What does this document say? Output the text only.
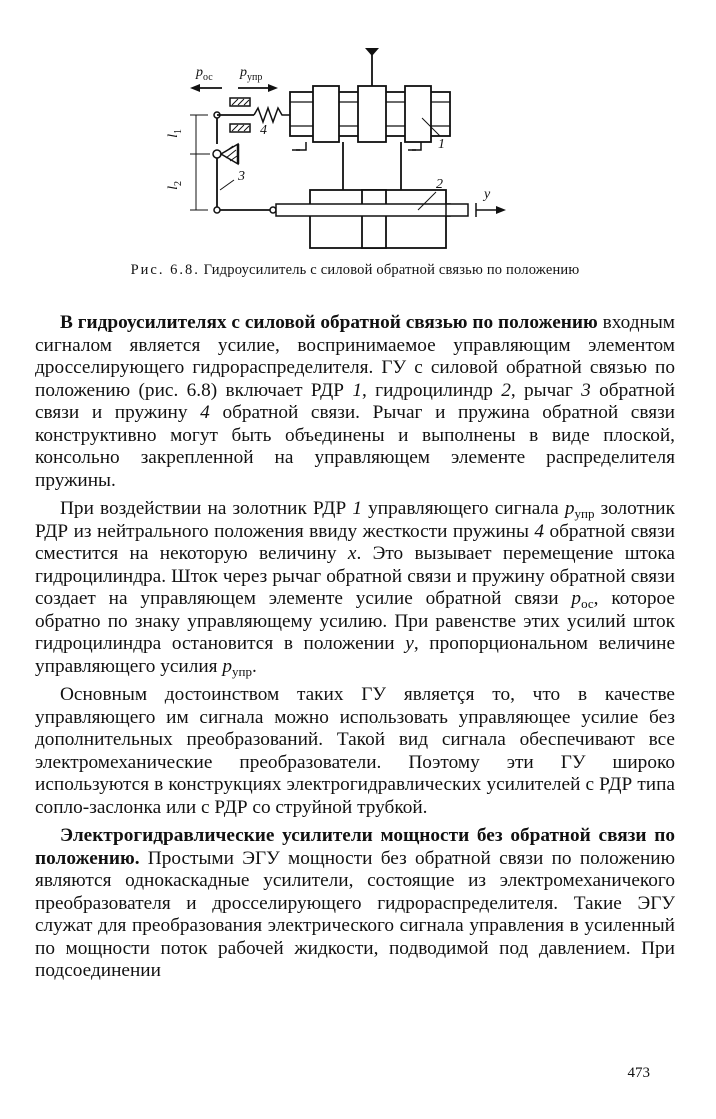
$p_{ос}$ $p_{упр}$
4
1
3
2
y
$l_1$
$l_2$
Рис. 6.8. Гидроусилитель с силовой обратной связью по положению

В гидроусилителях с силовой обратной связью по положению входным сигналом является усилие, воспринимаемое управляющим элементом дросселирующего гидрораспределителя. ГУ с силовой обратной связью по положению (рис. 6.8) включает РДР 1, гидроцилиндр 2, рычаг 3 обратной связи и пружину 4 обратной связи. Рычаг и пружина обратной связи конструктивно могут быть объединены и выполнены в виде плоской, консольно закрепленной на управляющем элементе распределителя пружины.

При воздействии на золотник РДР 1 управляющего сигнала $p_{упр}$ золотник РДР из нейтрального положения ввиду жесткости пружины 4 обратной связи сместится на некоторую величину x. Это вызывает перемещение штока гидроцилиндра. Шток через рычаг обратной связи и пружину обратной связи создает на управляющем элементе усилие обратной связи $p_{ос}$, которое обратно по знаку управляющему усилию. При равенстве этих усилий шток гидроцилиндра остановится в положении y, пропорциональном величине управляющего усилия $p_{упр}$.

Основным достоинством таких ГУ являетçя то, что в качестве управляющего им сигнала можно использовать управляющее усилие без дополнительных преобразований. Такой вид сигнала обеспечивают все электромеханические преобразователи. Поэтому эти ГУ широко используются в конструкциях электрогидравлических усилителей с РДР типа сопло-заслонка или с РДР со струйной трубкой.

Электрогидравлические усилители мощности без обратной связи по положению. Простыми ЭГУ мощности без обратной связи по положению являются однокаскадные усилители, состоящие из электромеханичекого преобразователя и дросселирующего гидрораспределителя. Такие ЭГУ служат для преобразования электрического сигнала управления в усиленный по мощности поток рабочей жидкости, подводимой под давлением. При подсоединении

473
